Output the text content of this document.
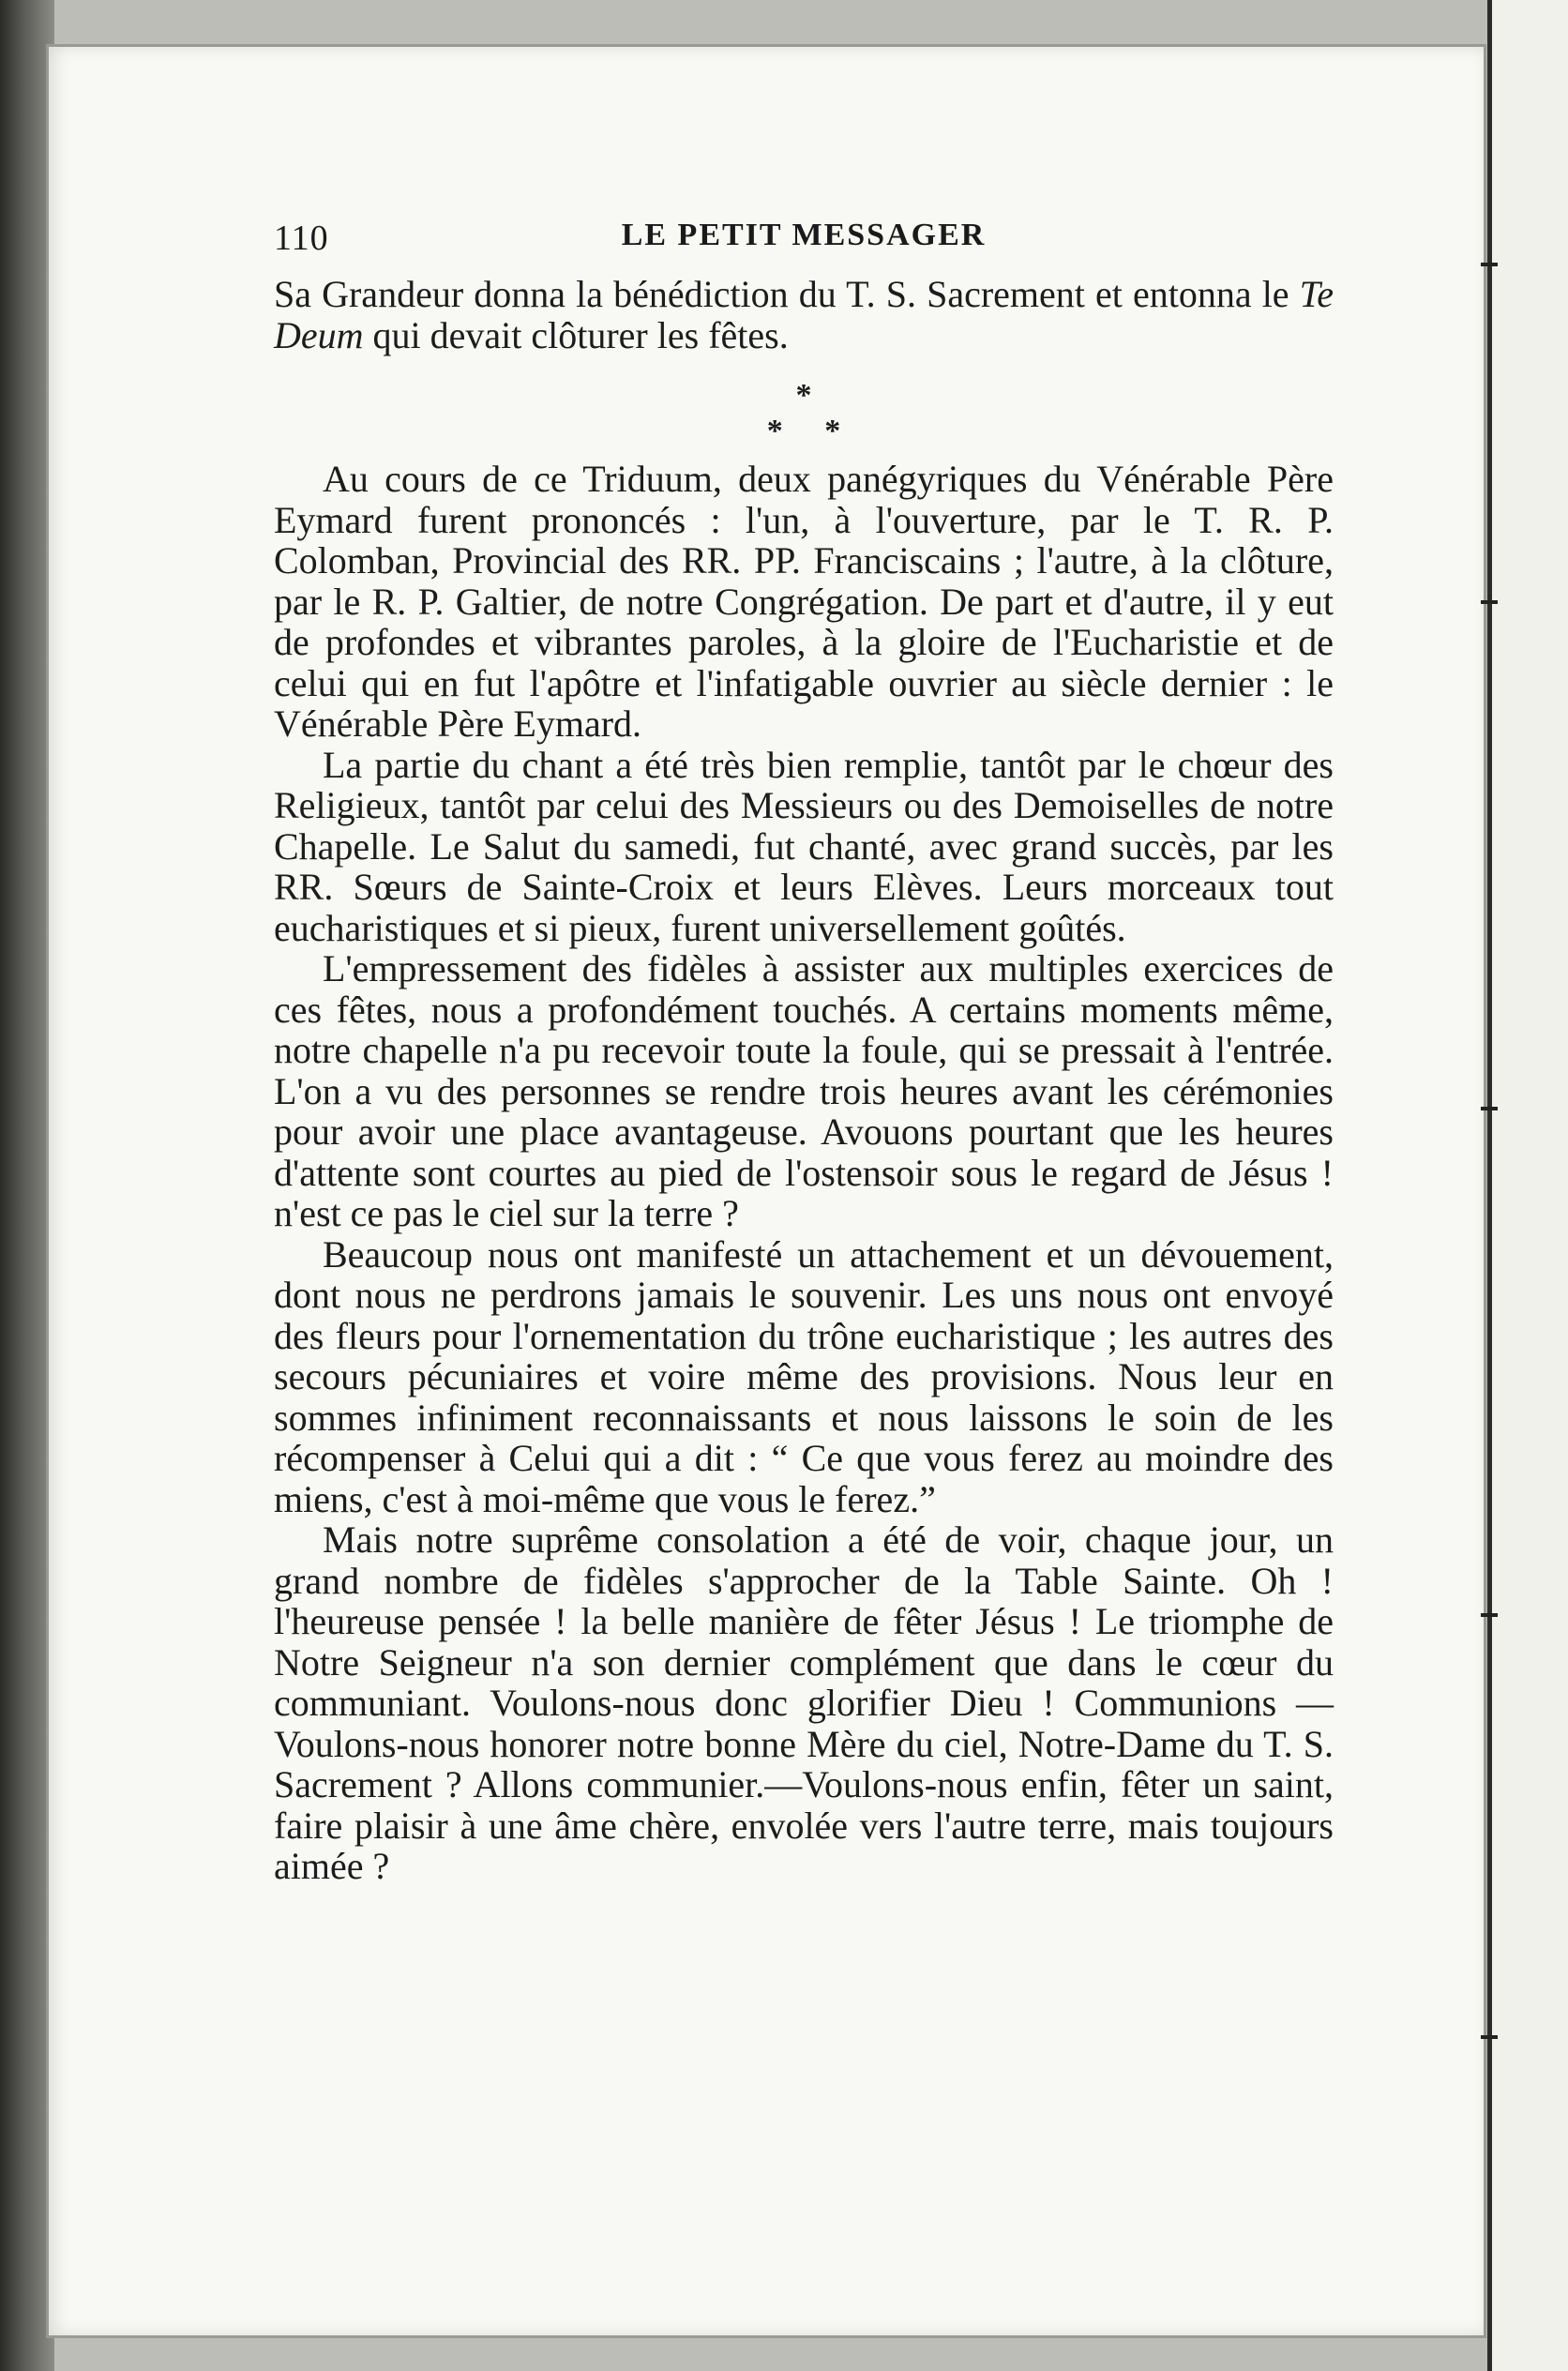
110	LE PETIT MESSAGER

Sa Grandeur donna la bénédiction du T. S. Sacrement et entonna le Te Deum qui devait clôturer les fêtes.

*
* *

Au cours de ce Triduum, deux panégyriques du Vénérable Père Eymard furent prononcés : l'un, à l'ouverture, par le T. R. P. Colomban, Provincial des RR. PP. Franciscains ; l'autre, à la clôture, par le R. P. Galtier, de notre Congrégation. De part et d'autre, il y eut de profondes et vibrantes paroles, à la gloire de l'Eucharistie et de celui qui en fut l'apôtre et l'infatigable ouvrier au siècle dernier : le Vénérable Père Eymard.

La partie du chant a été très bien remplie, tantôt par le chœur des Religieux, tantôt par celui des Messieurs ou des Demoiselles de notre Chapelle. Le Salut du samedi, fut chanté, avec grand succès, par les RR. Sœurs de Sainte-Croix et leurs Elèves. Leurs morceaux tout eucharistiques et si pieux, furent universellement goûtés.

L'empressement des fidèles à assister aux multiples exercices de ces fêtes, nous a profondément touchés. A certains moments même, notre chapelle n'a pu recevoir toute la foule, qui se pressait à l'entrée. L'on a vu des personnes se rendre trois heures avant les cérémonies pour avoir une place avantageuse. Avouons pourtant que les heures d'attente sont courtes au pied de l'ostensoir sous le regard de Jésus ! n'est ce pas le ciel sur la terre ?

Beaucoup nous ont manifesté un attachement et un dévouement, dont nous ne perdrons jamais le souvenir. Les uns nous ont envoyé des fleurs pour l'ornementation du trône eucharistique ; les autres des secours pécuniaires et voire même des provisions. Nous leur en sommes infiniment reconnaissants et nous laissons le soin de les récompenser à Celui qui a dit : “ Ce que vous ferez au moindre des miens, c'est à moi-même que vous le ferez.”

Mais notre suprême consolation a été de voir, chaque jour, un grand nombre de fidèles s'approcher de la Table Sainte. Oh ! l'heureuse pensée ! la belle manière de fêter Jésus ! Le triomphe de Notre Seigneur n'a son dernier complément que dans le cœur du communiant. Voulons-nous donc glorifier Dieu ! Communions — Voulons-nous honorer notre bonne Mère du ciel, Notre-Dame du T. S. Sacrement ? Allons communier.—Voulons-nous enfin, fêter un saint, faire plaisir à une âme chère, envolée vers l'autre terre, mais toujours aimée ?
